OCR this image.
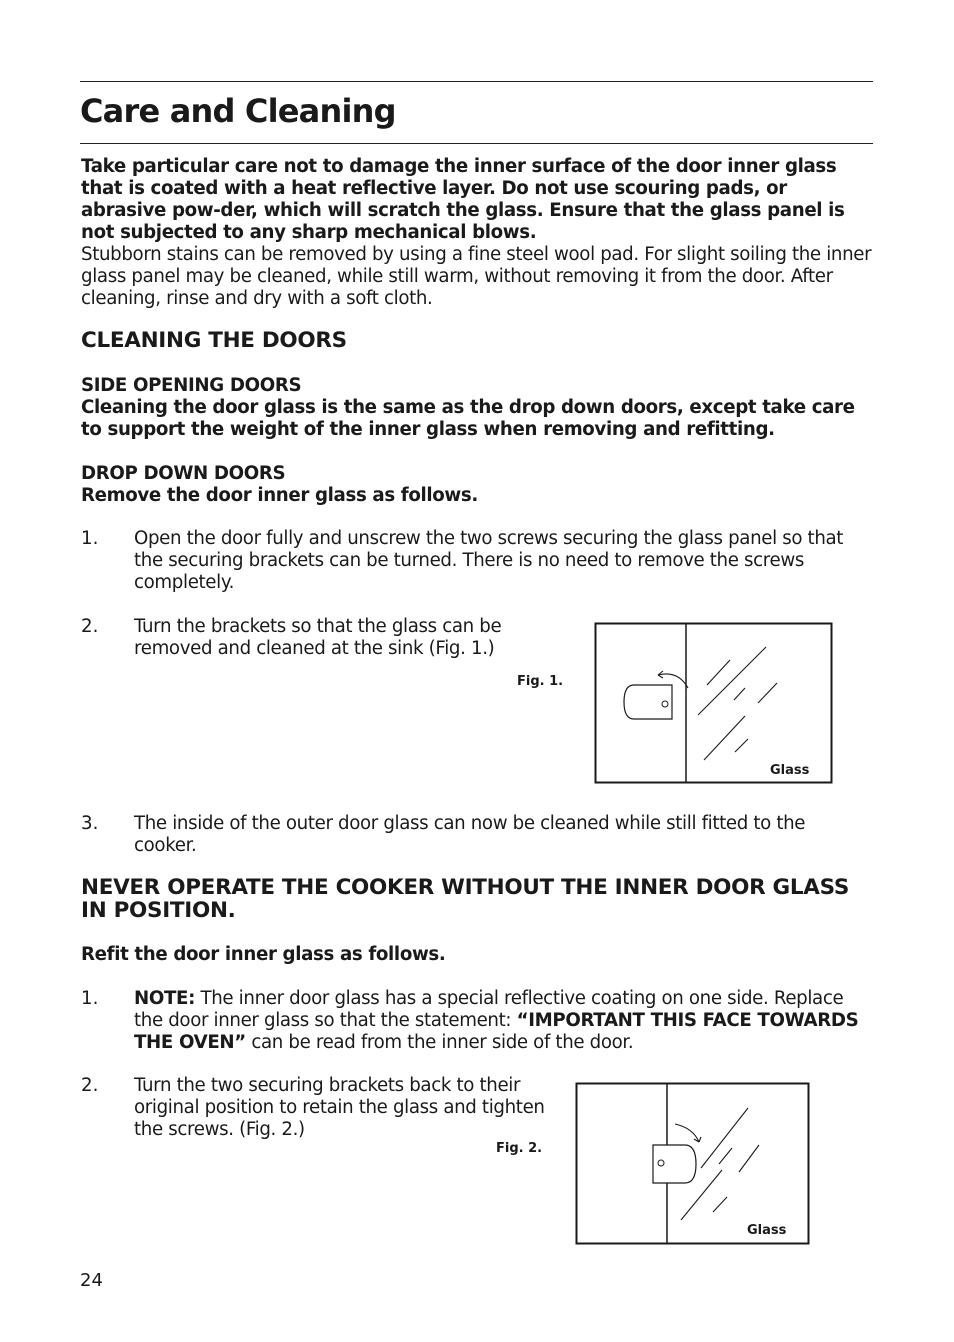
Care and Cleaning
Take particular care not to damage the inner surface of the door inner glass that is coated with a heat reflective layer. Do not use scouring pads, or abrasive pow-der, which will scratch the glass. Ensure that the glass panel is not subjected to any sharp mechanical blows.
Stubborn stains can be removed by using a fine steel wool pad. For slight soiling the inner glass panel may be cleaned, while still warm, without removing it from the door. After cleaning, rinse and dry with a soft cloth.
CLEANING THE DOORS
SIDE OPENING DOORS
Cleaning the door glass is the same as the drop down doors, except take care to support the weight of the inner glass when removing and refitting.
DROP DOWN DOORS
Remove the door inner glass as follows.
1. Open the door fully and unscrew the two screws securing the glass panel so that the securing brackets can be turned. There is no need to remove the screws completely.
2. Turn the brackets so that the glass can be removed and cleaned at the sink (Fig. 1.)
Fig. 1.
Glass
3. The inside of the outer door glass can now be cleaned while still fitted to the cooker.
NEVER OPERATE THE COOKER WITHOUT THE INNER DOOR GLASS IN POSITION.
Refit the door inner glass as follows.
1. NOTE: The inner door glass has a special reflective coating on one side. Replace the door inner glass so that the statement: “IMPORTANT THIS FACE TOWARDS THE OVEN” can be read from the inner side of the door.
2. Turn the two securing brackets back to their original position to retain the glass and tighten the screws. (Fig. 2.)
Fig. 2.
Glass
24
